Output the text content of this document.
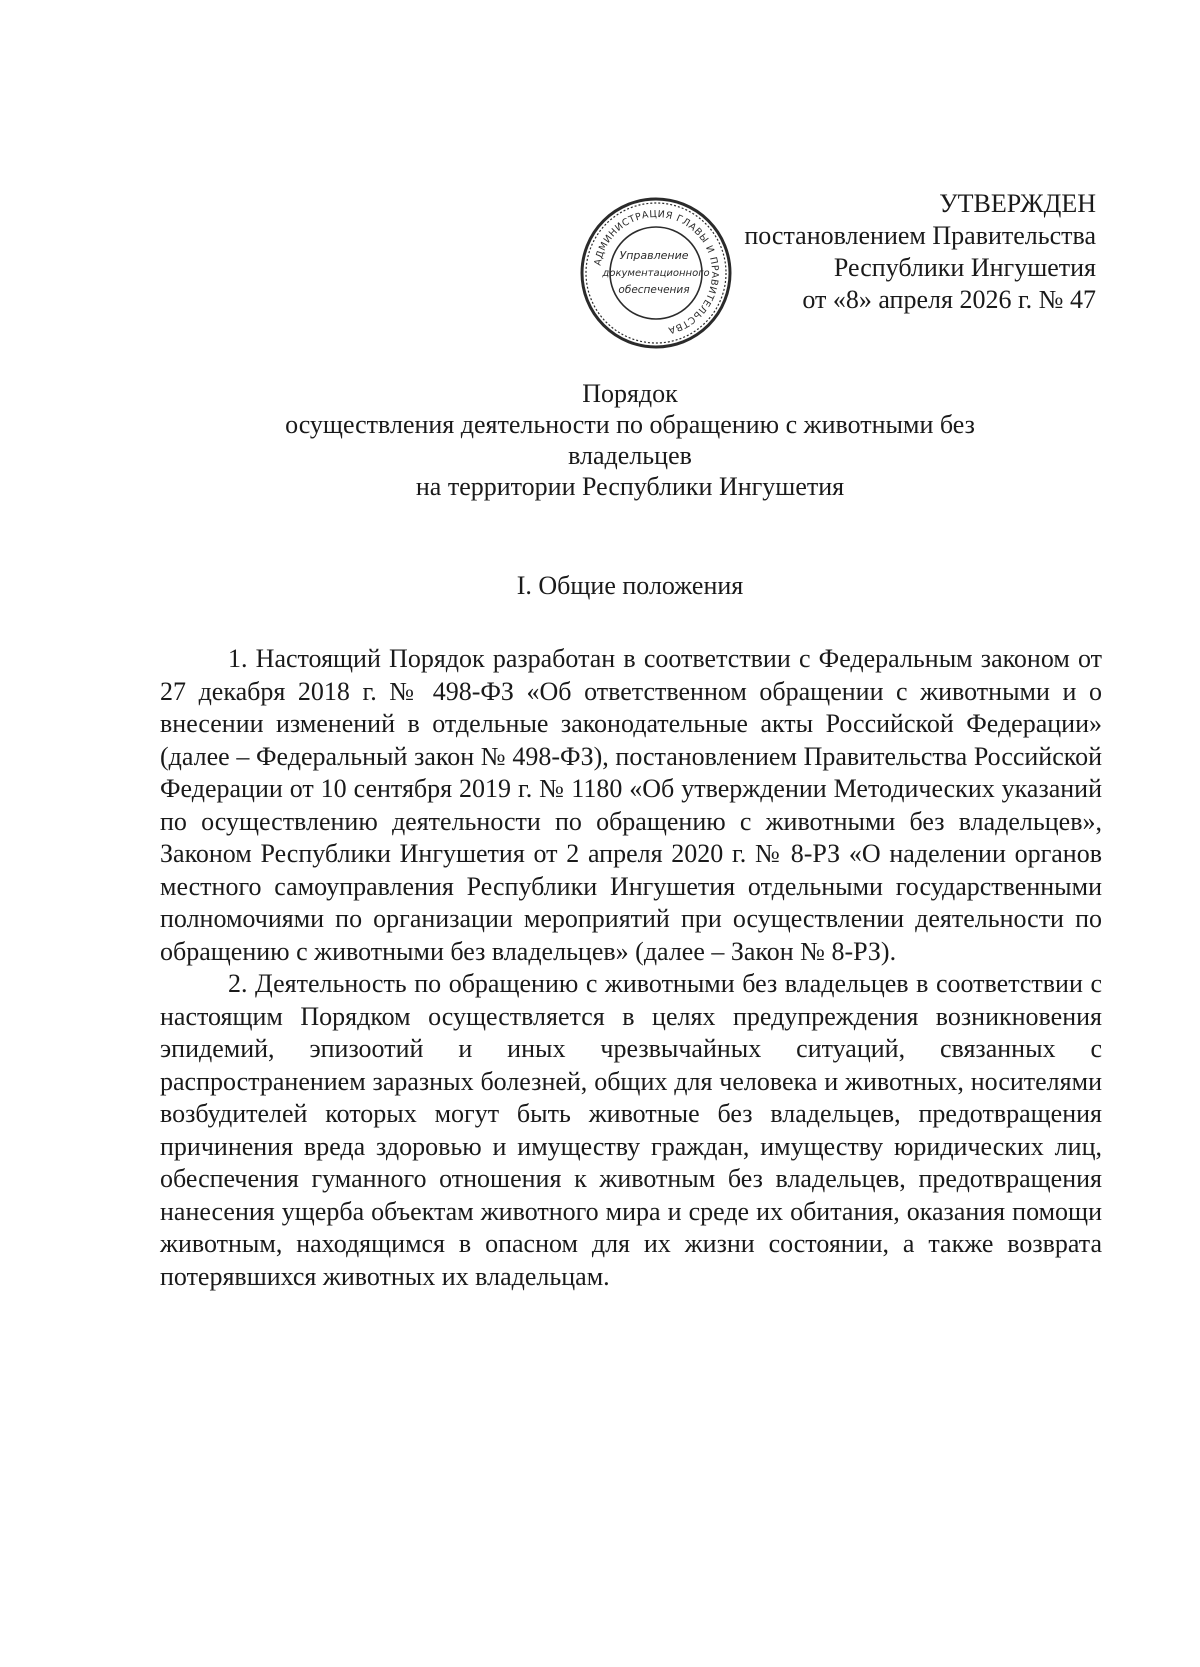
УТВЕРЖДЕН
постановлением Правительства
Республики Ингушетия
от «8» апреля 2026 г. № 47
АДМИНИСТРАЦИЯ ГЛАВЫ И ПРАВИТЕЛЬСТВА
Управление
документационного
обеспечения
Порядок
осуществления деятельности по обращению с животными без
владельцев
на территории Республики Ингушетия
I. Общие положения

1. Настоящий Порядок разработан в соответствии с Федеральным законом от 27 декабря 2018 г. № 498-ФЗ «Об ответственном обращении с животными и о внесении изменений в отдельные законодательные акты Российской Федерации» (далее – Федеральный закон № 498-ФЗ), постановлением Правительства Российской Федерации от 10 сентября 2019 г. № 1180 «Об утверждении Методических указаний по осуществлению деятельности по обращению с животными без владельцев», Законом Республики Ингушетия от 2 апреля 2020 г. № 8-РЗ «О наделении органов местного самоуправления Республики Ингушетия отдельными государственными полномочиями по организации мероприятий при осуществлении деятельности по обращению с животными без владельцев» (далее – Закон № 8-РЗ).

2. Деятельность по обращению с животными без владельцев в соответствии с настоящим Порядком осуществляется в целях предупреждения возникновения эпидемий, эпизоотий и иных чрезвычайных ситуаций, связанных с распространением заразных болезней, общих для человека и животных, носителями возбудителей которых могут быть животные без владельцев, предотвращения причинения вреда здоровью и имуществу граждан, имуществу юридических лиц, обеспечения гуманного отношения к животным без владельцев, предотвращения нанесения ущерба объектам животного мира и среде их обитания, оказания помощи животным, находящимся в опасном для их жизни состоянии, а также возврата потерявшихся животных их владельцам.
